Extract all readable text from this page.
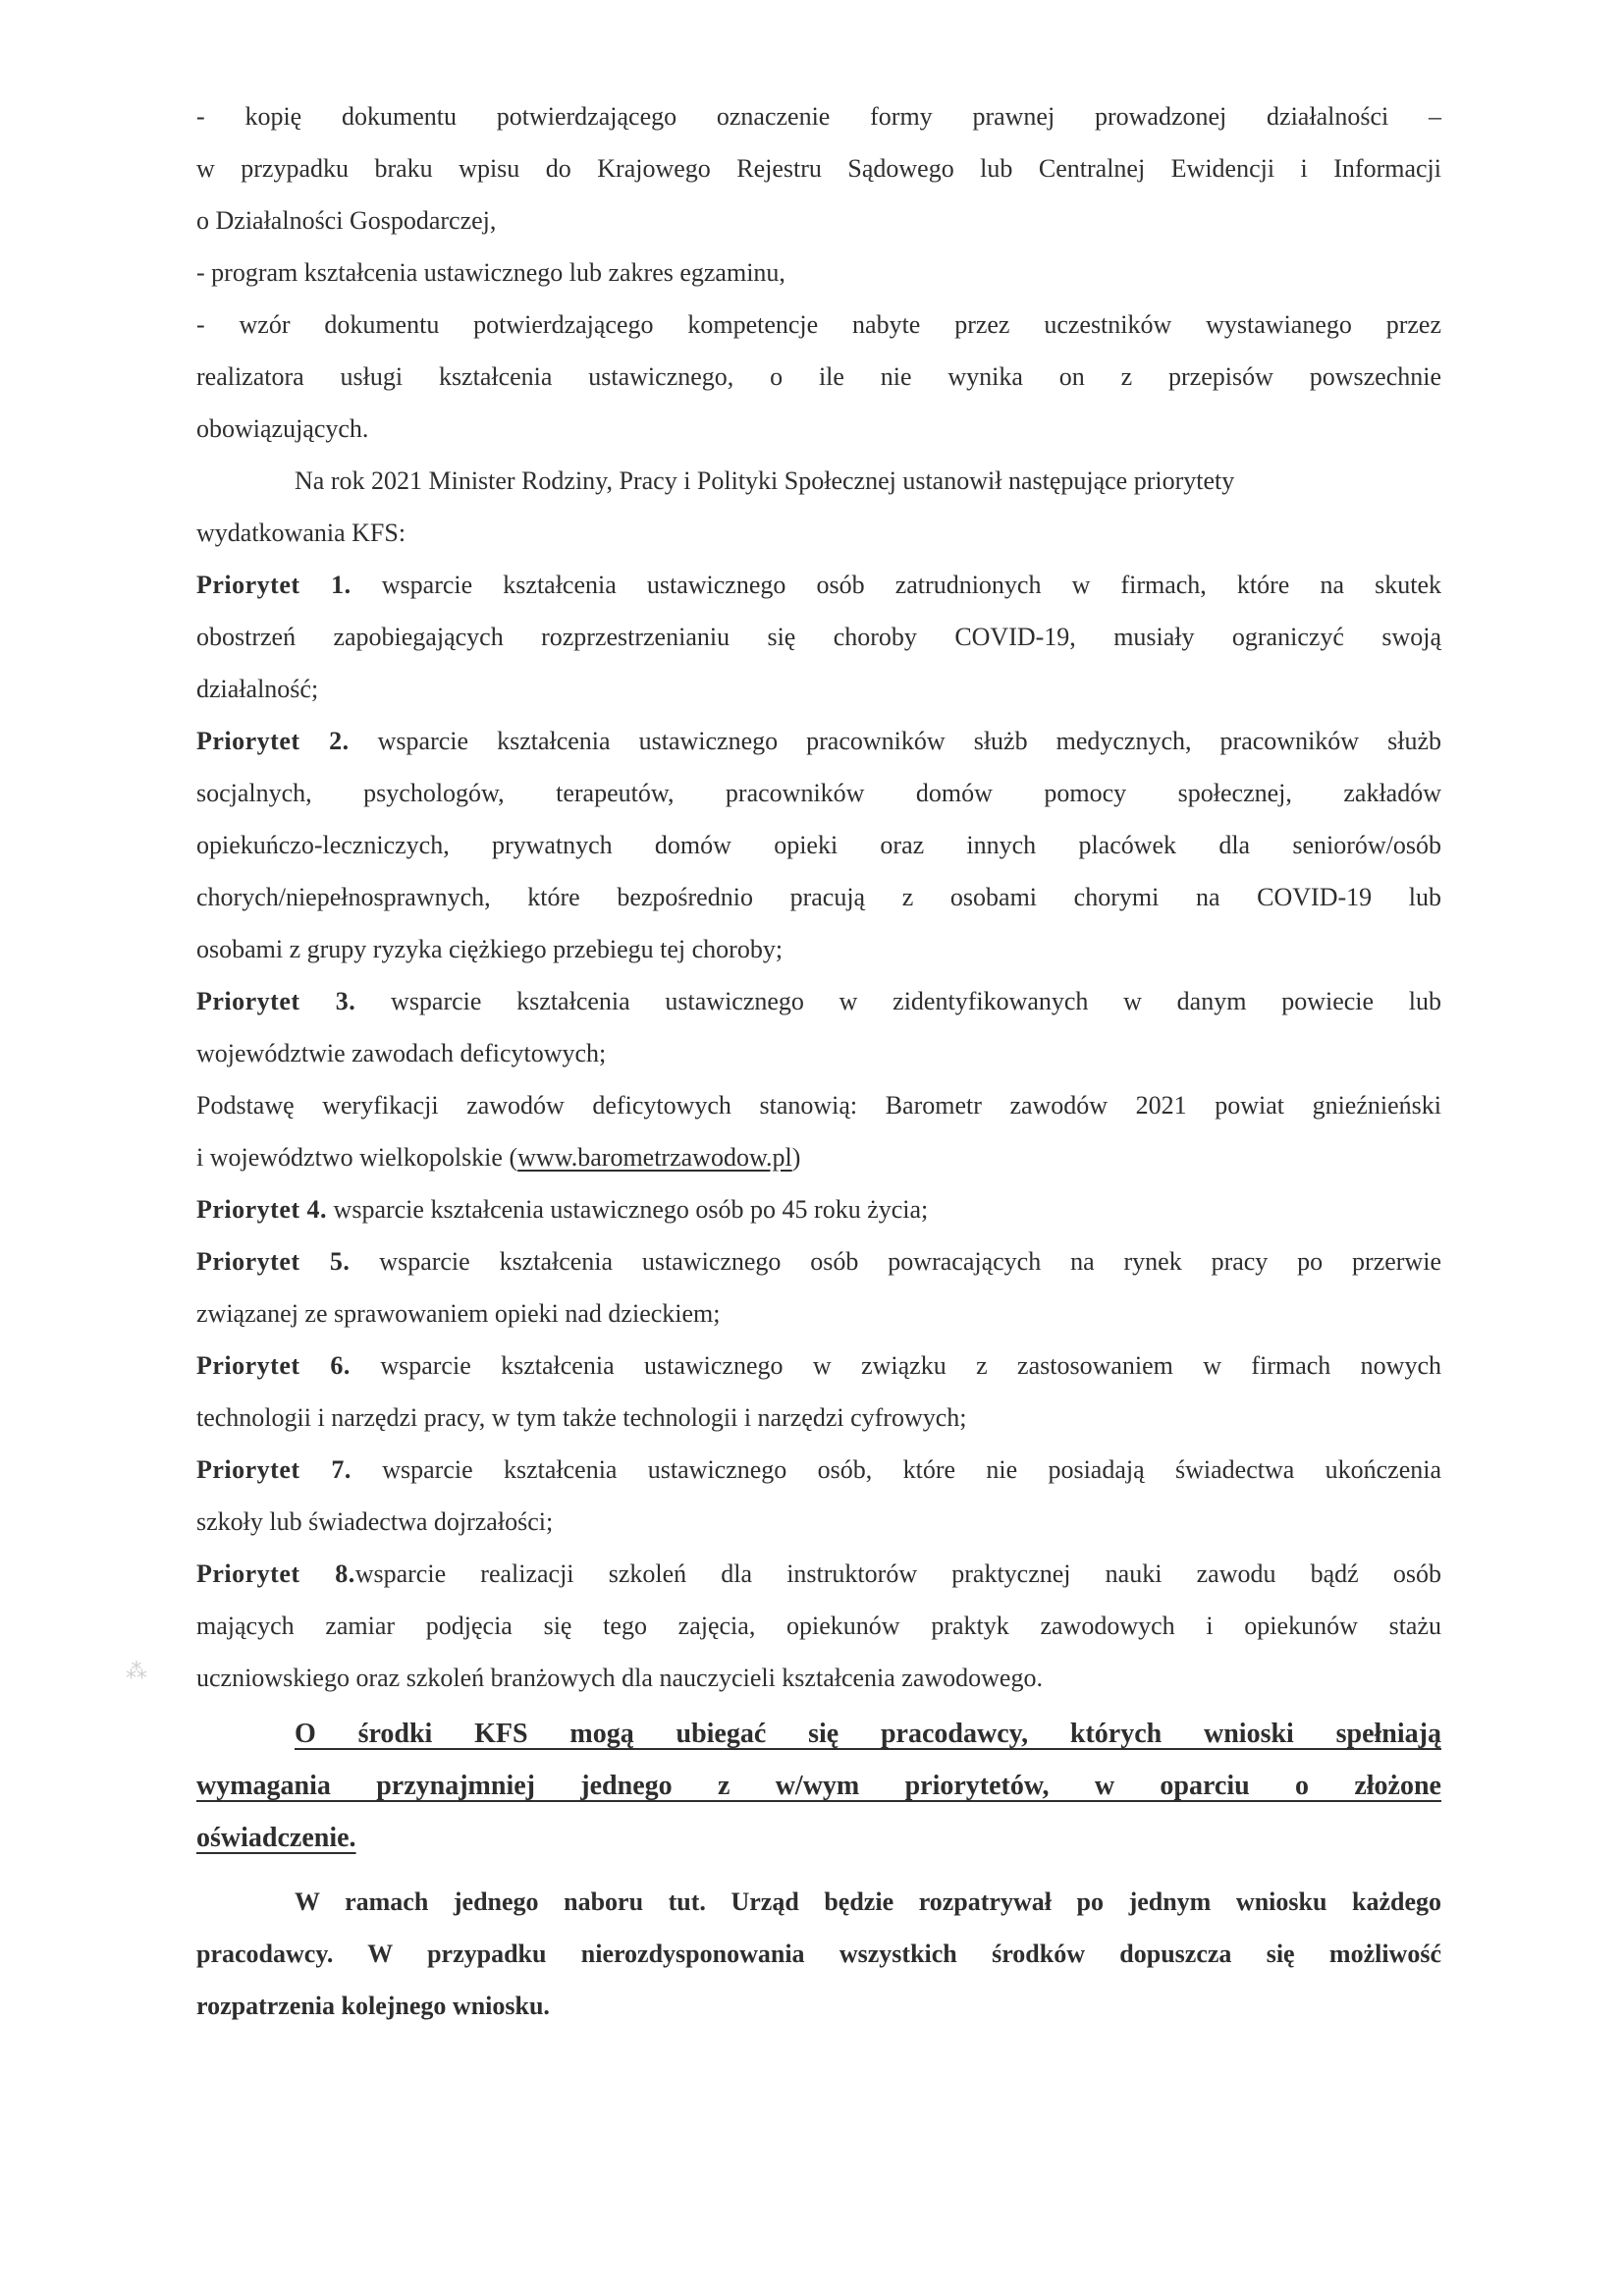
- kopię dokumentu potwierdzającego oznaczenie formy prawnej prowadzonej działalności –
w przypadku braku wpisu do Krajowego Rejestru Sądowego lub Centralnej Ewidencji i Informacji
o Działalności Gospodarczej,
- program kształcenia ustawicznego lub zakres egzaminu,
- wzór dokumentu potwierdzającego kompetencje nabyte przez uczestników wystawianego przez
realizatora usługi kształcenia ustawicznego, o ile nie wynika on z przepisów powszechnie
obowiązujących.
Na rok 2021 Minister Rodziny, Pracy i Polityki Społecznej ustanowił następujące priorytety
wydatkowania KFS:
Priorytet 1. wsparcie kształcenia ustawicznego osób zatrudnionych w firmach, które na skutek
obostrzeń zapobiegających rozprzestrzenianiu się choroby COVID-19, musiały ograniczyć swoją
działalność;
Priorytet 2. wsparcie kształcenia ustawicznego pracowników służb medycznych, pracowników służb
socjalnych, psychologów, terapeutów, pracowników domów pomocy społecznej, zakładów
opiekuńczo-leczniczych, prywatnych domów opieki oraz innych placówek dla seniorów/osób
chorych/niepełnosprawnych, które bezpośrednio pracują z osobami chorymi na COVID-19 lub
osobami z grupy ryzyka ciężkiego przebiegu tej choroby;
Priorytet 3. wsparcie kształcenia ustawicznego w zidentyfikowanych w danym powiecie lub
województwie zawodach deficytowych;
Podstawę weryfikacji zawodów deficytowych stanowią: Barometr zawodów 2021 powiat gnieźnieński
i województwo wielkopolskie (www.barometrzawodow.pl)
Priorytet 4. wsparcie kształcenia ustawicznego osób po 45 roku życia;
Priorytet 5. wsparcie kształcenia ustawicznego osób powracających na rynek pracy po przerwie
związanej ze sprawowaniem opieki nad dzieckiem;
Priorytet 6. wsparcie kształcenia ustawicznego w związku z zastosowaniem w firmach nowych
technologii i narzędzi pracy, w tym także technologii i narzędzi cyfrowych;
Priorytet 7. wsparcie kształcenia ustawicznego osób, które nie posiadają świadectwa ukończenia
szkoły lub świadectwa dojrzałości;
Priorytet 8.wsparcie realizacji szkoleń dla instruktorów praktycznej nauki zawodu bądź osób
mających zamiar podjęcia się tego zajęcia, opiekunów praktyk zawodowych i opiekunów stażu
uczniowskiego oraz szkoleń branżowych dla nauczycieli kształcenia zawodowego.
O środki KFS mogą ubiegać się pracodawcy, których wnioski spełniają
wymagania przynajmniej jednego z w/wym priorytetów, w oparciu o złożone
oświadczenie.
W ramach jednego naboru tut. Urząd będzie rozpatrywał po jednym wniosku każdego
pracodawcy. W przypadku nierozdysponowania wszystkich środków dopuszcza się możliwość
rozpatrzenia kolejnego wniosku.
⁂
